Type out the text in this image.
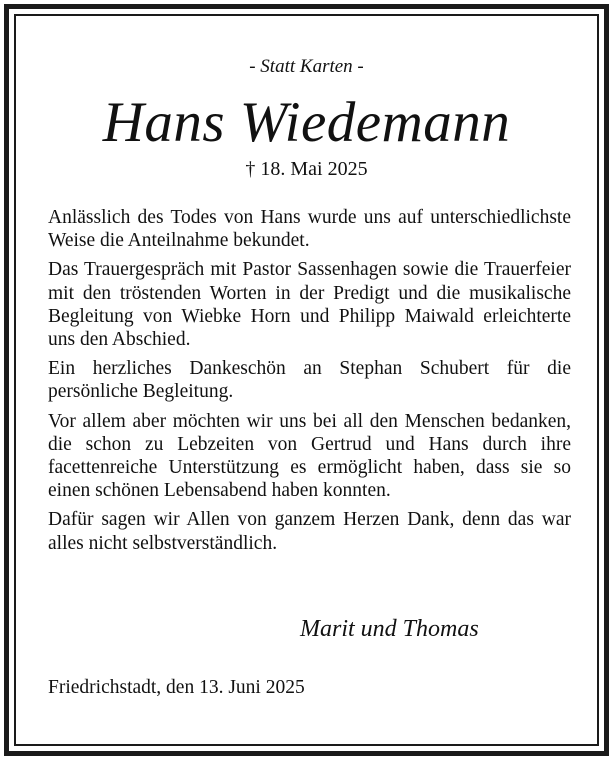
- Statt Karten -
Hans Wiedemann
† 18. Mai 2025

Anlässlich des Todes von Hans wurde uns auf unterschiedlichste Weise die Anteilnahme bekundet.

Das Trauergespräch mit Pastor Sassenhagen sowie die Trauerfeier mit den tröstenden Worten in der Predigt und die musikalische Begleitung von Wiebke Horn und Philipp Maiwald erleichterte uns den Abschied.

Ein herzliches Dankeschön an Stephan Schubert für die persönliche Begleitung.

Vor allem aber möchten wir uns bei all den Menschen bedanken, die schon zu Lebzeiten von Gertrud und Hans durch ihre facettenreiche Unterstützung es ermöglicht haben, dass sie so einen schönen Lebensabend haben konnten.

Dafür sagen wir Allen von ganzem Herzen Dank, denn das war alles nicht selbstverständlich.

Marit und Thomas
Friedrichstadt, den 13. Juni 2025
